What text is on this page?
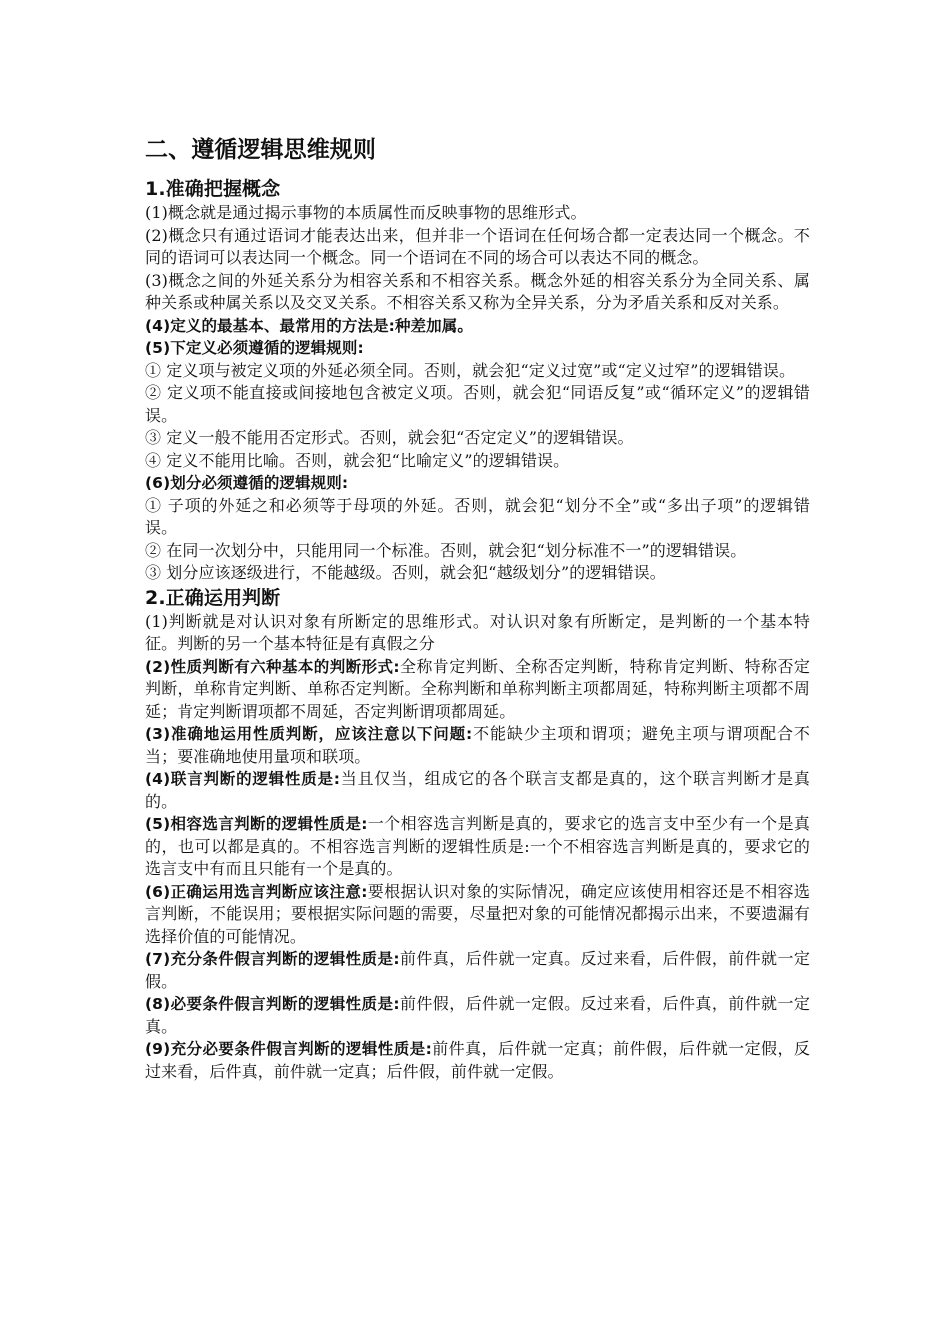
二、遵循逻辑思维规则
1.准确把握概念

(1)概念就是通过揭示事物的本质属性而反映事物的思维形式。

(2)概念只有通过语词才能表达出来，但并非一个语词在任何场合都一定表达同一个概念。不同的语词可以表达同一个概念。同一个语词在不同的场合可以表达不同的概念。

(3)概念之间的外延关系分为相容关系和不相容关系。概念外延的相容关系分为全同关系、属种关系或种属关系以及交叉关系。不相容关系又称为全异关系，分为矛盾关系和反对关系。

(4)定义的最基本、最常用的方法是:种差加属。

(5)下定义必须遵循的逻辑规则:

① 定义项与被定义项的外延必须全同。否则，就会犯“定义过宽”或“定义过窄”的逻辑错误。

② 定义项不能直接或间接地包含被定义项。否则，就会犯“同语反复”或“循环定义”的逻辑错误。

③ 定义一般不能用否定形式。否则，就会犯“否定定义”的逻辑错误。

④ 定义不能用比喻。否则，就会犯“比喻定义”的逻辑错误。

(6)划分必须遵循的逻辑规则:

① 子项的外延之和必须等于母项的外延。否则，就会犯“划分不全”或“多出子项”的逻辑错误。

② 在同一次划分中，只能用同一个标准。否则，就会犯“划分标准不一”的逻辑错误。

③ 划分应该逐级进行，不能越级。否则，就会犯“越级划分”的逻辑错误。

2.正确运用判断

(1)判断就是对认识对象有所断定的思维形式。对认识对象有所断定，是判断的一个基本特征。判断的另一个基本特征是有真假之分

(2)性质判断有六种基本的判断形式:全称肯定判断、全称否定判断，特称肯定判断、特称否定判断，单称肯定判断、单称否定判断。全称判断和单称判断主项都周延，特称判断主项都不周延；肯定判断谓项都不周延，否定判断谓项都周延。

(3)准确地运用性质判断，应该注意以下问题:不能缺少主项和谓项；避免主项与谓项配合不当；要准确地使用量项和联项。

(4)联言判断的逻辑性质是:当且仅当，组成它的各个联言支都是真的，这个联言判断才是真的。

(5)相容选言判断的逻辑性质是:一个相容选言判断是真的，要求它的选言支中至少有一个是真的，也可以都是真的。不相容选言判断的逻辑性质是:一个不相容选言判断是真的，要求它的选言支中有而且只能有一个是真的。

(6)正确运用选言判断应该注意:要根据认识对象的实际情况，确定应该使用相容还是不相容选言判断，不能误用；要根据实际问题的需要，尽量把对象的可能情况都揭示出来，不要遗漏有选择价值的可能情况。

(7)充分条件假言判断的逻辑性质是:前件真，后件就一定真。反过来看，后件假，前件就一定假。

(8)必要条件假言判断的逻辑性质是:前件假，后件就一定假。反过来看，后件真，前件就一定真。

(9)充分必要条件假言判断的逻辑性质是:前件真，后件就一定真；前件假，后件就一定假，反过来看，后件真，前件就一定真；后件假，前件就一定假。
